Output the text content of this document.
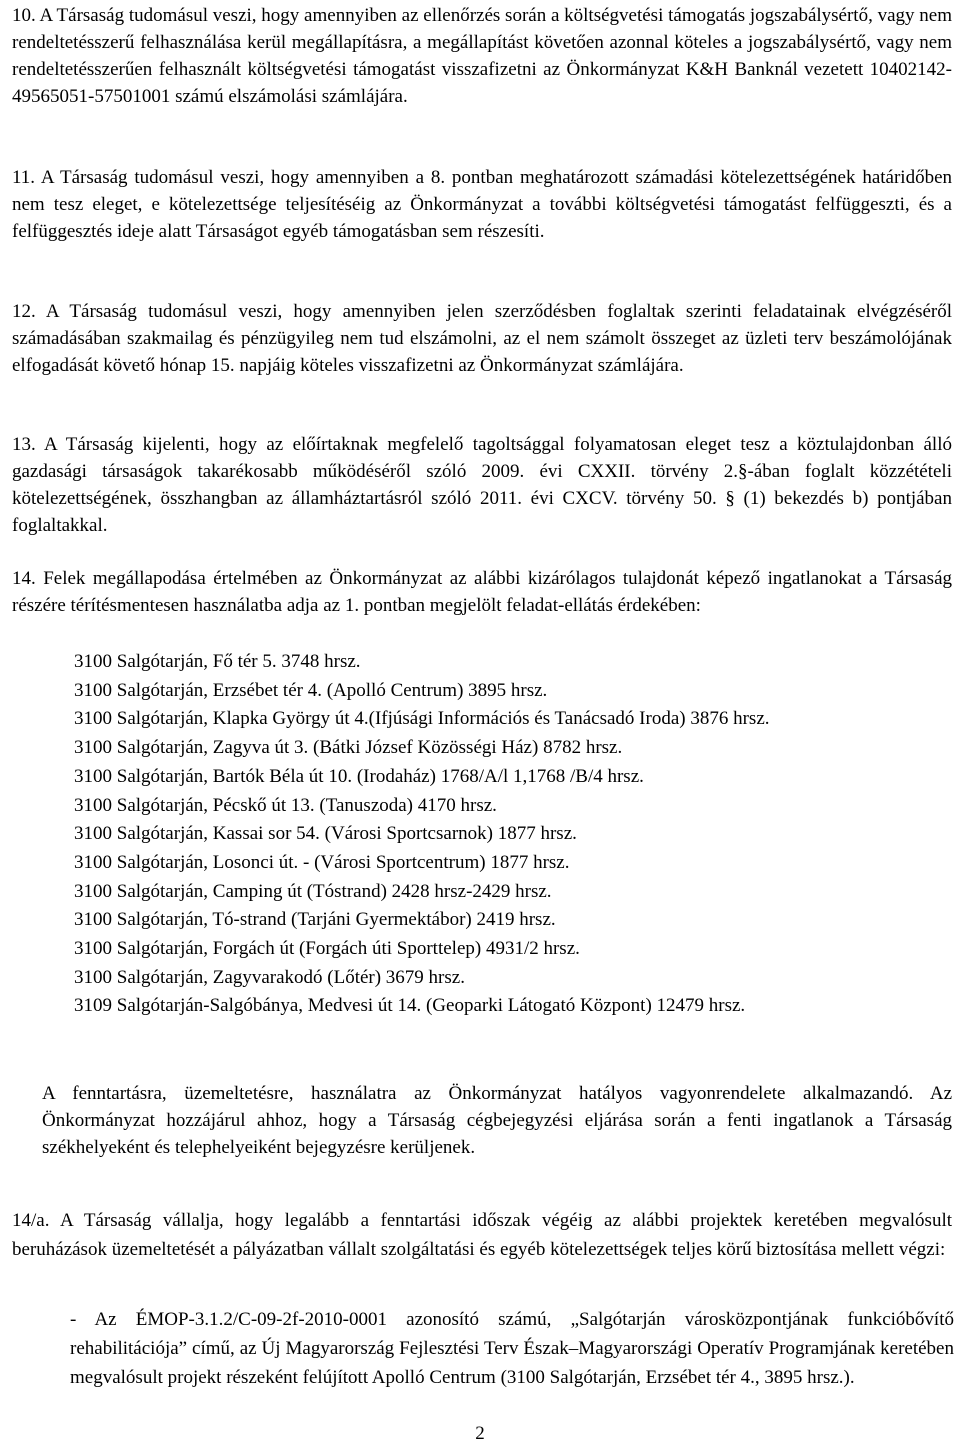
10. A Társaság tudomásul veszi, hogy amennyiben az ellenőrzés során a költségvetési támogatás jogszabálysértő, vagy nem rendeltetésszerű felhasználása kerül megállapításra, a megállapítást követően azonnal köteles a jogszabálysértő, vagy nem rendeltetésszerűen felhasznált költségvetési támogatást visszafizetni az Önkormányzat K&H Banknál vezetett 10402142-49565051-57501001 számú elszámolási számlájára.

11. A Társaság tudomásul veszi, hogy amennyiben a 8. pontban meghatározott számadási kötelezettségének határidőben nem tesz eleget, e kötelezettsége teljesítéséig az Önkormányzat a további költségvetési támogatást felfüggeszti, és a felfüggesztés ideje alatt Társaságot egyéb támogatásban sem részesíti.

12. A Társaság tudomásul veszi, hogy amennyiben jelen szerződésben foglaltak szerinti feladatainak elvégzéséről számadásában szakmailag és pénzügyileg nem tud elszámolni, az el nem számolt összeget az üzleti terv beszámolójának elfogadását követő hónap 15. napjáig köteles visszafizetni az Önkormányzat számlájára.

13. A Társaság kijelenti, hogy az előírtaknak megfelelő tagoltsággal folyamatosan eleget tesz a köztulajdonban álló gazdasági társaságok takarékosabb működéséről szóló 2009. évi CXXII. törvény 2.§-ában foglalt közzétételi kötelezettségének, összhangban az államháztartásról szóló 2011. évi CXCV. törvény 50. § (1) bekezdés b) pontjában foglaltakkal.

14. Felek megállapodása értelmében az Önkormányzat az alábbi kizárólagos tulajdonát képező ingatlanokat a Társaság részére térítésmentesen használatba adja az 1. pontban megjelölt feladat-ellátás érdekében:

3100 Salgótarján, Fő tér 5. 3748 hrsz.
3100 Salgótarján, Erzsébet tér 4. (Apolló Centrum) 3895 hrsz.
3100 Salgótarján, Klapka György út 4.(Ifjúsági Információs és Tanácsadó Iroda) 3876 hrsz.
3100 Salgótarján, Zagyva út 3. (Bátki József Közösségi Ház) 8782 hrsz.
3100 Salgótarján, Bartók Béla út 10. (Irodaház) 1768/A/l 1,1768 /B/4 hrsz.
3100 Salgótarján, Pécskő út 13. (Tanuszoda) 4170 hrsz.
3100 Salgótarján, Kassai sor 54. (Városi Sportcsarnok) 1877 hrsz.
3100 Salgótarján, Losonci út. - (Városi Sportcentrum) 1877 hrsz.
3100 Salgótarján, Camping út (Tóstrand) 2428 hrsz-2429 hrsz.
3100 Salgótarján, Tó-strand (Tarjáni Gyermektábor) 2419 hrsz.
3100 Salgótarján, Forgách út (Forgách úti Sporttelep) 4931/2 hrsz.
3100 Salgótarján, Zagyvarakodó (Lőtér) 3679 hrsz.
3109 Salgótarján-Salgóbánya, Medvesi út 14. (Geoparki Látogató Központ) 12479 hrsz.

A fenntartásra, üzemeltetésre, használatra az Önkormányzat hatályos vagyonrendelete alkalmazandó. Az Önkormányzat hozzájárul ahhoz, hogy a Társaság cégbejegyzési eljárása során a fenti ingatlanok a Társaság székhelyeként és telephelyeiként bejegyzésre kerüljenek.

14/a. A Társaság vállalja, hogy legalább a fenntartási időszak végéig az alábbi projektek keretében megvalósult beruházások üzemeltetését a pályázatban vállalt szolgáltatási és egyéb kötelezettségek teljes körű biztosítása mellett végzi:

- Az ÉMOP-3.1.2/C-09-2f-2010-0001 azonosító számú, „Salgótarján városközpontjának funkcióbővítő rehabilitációja” című, az Új Magyarország Fejlesztési Terv Észak–Magyarországi Operatív Programjának keretében megvalósult projekt részeként felújított Apolló Centrum (3100 Salgótarján, Erzsébet tér 4., 3895 hrsz.).

2
